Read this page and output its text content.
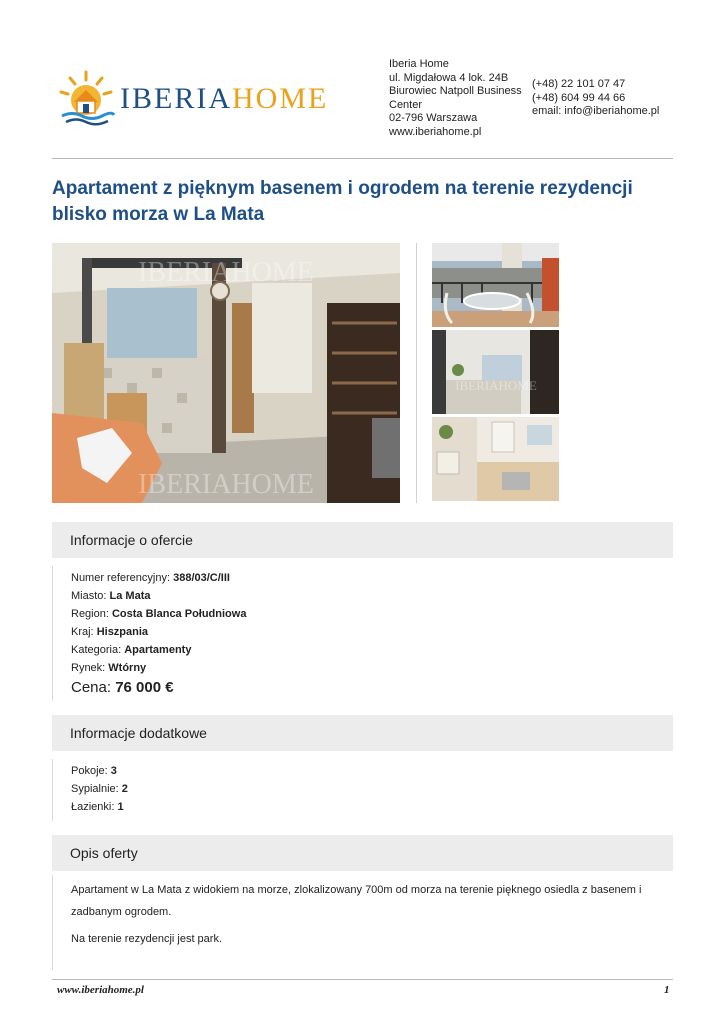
IBERIAHOME
Iberia Home
ul. Migdałowa 4 lok. 24B
Biurowiec Natpoll Business
Center
02-796 Warszawa
www.iberiahome.pl
(+48) 22 101 07 47
(+48) 604 99 44 66
email: info@iberiahome.pl
Apartament z pięknym basenem i ogrodem na terenie rezydencji
blisko morza w La Mata
IBERIAHOME
IBERIAHOME
IBERIAHOME
Informacje o ofercie
Numer referencyjny: 388/03/C/III
Miasto: La Mata
Region: Costa Blanca Południowa
Kraj: Hiszpania
Kategoria: Apartamenty
Rynek: Wtórny
Cena: 76 000 €
Informacje dodatkowe
Pokoje: 3
Sypialnie: 2
Łazienki: 1
Opis oferty
Apartament w La Mata z widokiem na morze, zlokalizowany 700m od morza na terenie pięknego osiedla z basenem i
zadbanym ogrodem.
Na terenie rezydencji jest park.
www.iberiahome.pl	1
